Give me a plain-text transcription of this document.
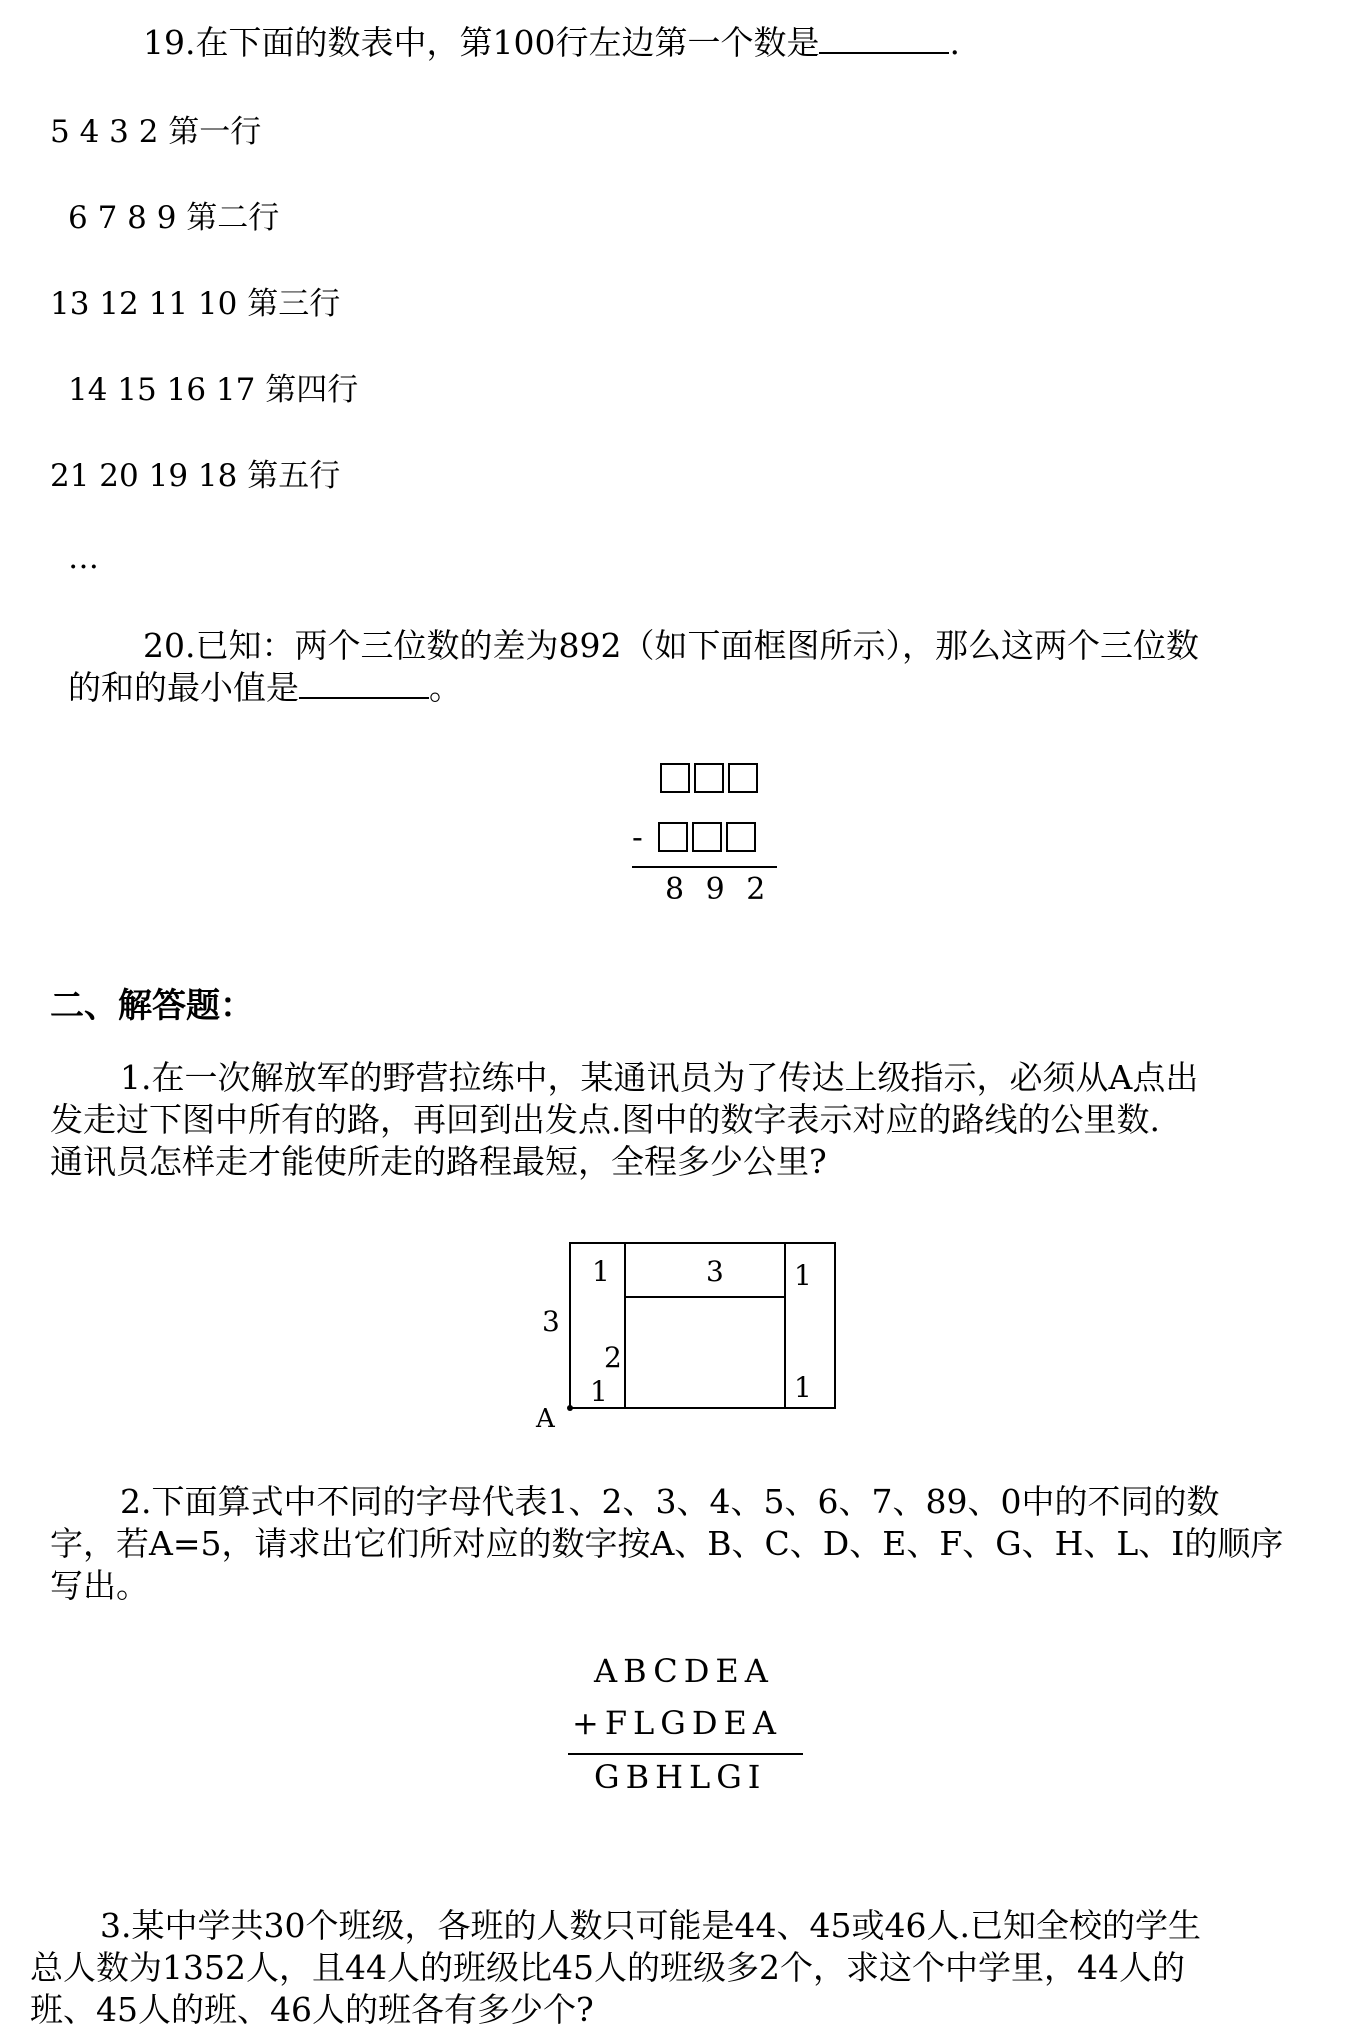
19.在下面的数表中，第100行左边第一个数是	.
5 4 3 2 第一行
6 7 8 9 第二行
13 12 11 10 第三行
14 15 16 17 第四行
21 20 19 18 第五行
…
20.已知：两个三位数的差为892（如下面框图所示），那么这两个三位数
的和的最小值是	。
-
8 9 2
二、解答题：
1.在一次解放军的野营拉练中，某通讯员为了传达上级指示，必须从A点出
发走过下图中所有的路，再回到出发点.图中的数字表示对应的路线的公里数.
通讯员怎样走才能使所走的路程最短，全程多少公里?
3
1	3	1
2
1	1
A
2.下面算式中不同的字母代表1、2、3、4、5、6、7、89、0中的不同的数
字，若A=5，请求出它们所对应的数字按A、B、C、D、E、F、G、H、L、I的顺序
写出。
ABCDEA
+FLGDEA
GBHLGI
3.某中学共30个班级，各班的人数只可能是44、45或46人.已知全校的学生
总人数为1352人，且44人的班级比45人的班级多2个，求这个中学里，44人的
班、45人的班、46人的班各有多少个?
